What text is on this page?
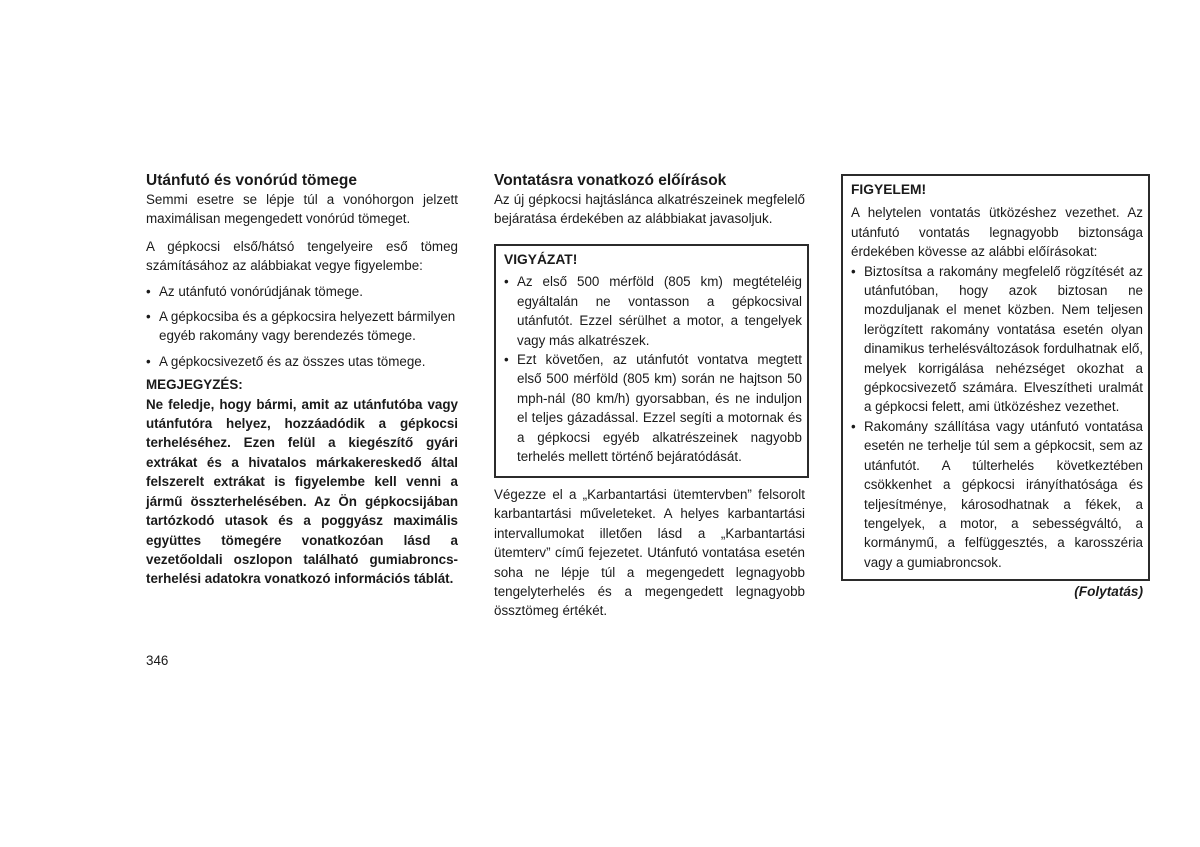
Utánfutó és vonórúd tömege

Semmi esetre se lépje túl a vonóhorgon jelzett maximálisan megengedett vonórúd tömeget.

A gépkocsi első/hátsó tengelyeire eső tömeg számításához az alábbiakat vegye figyelembe:

• Az utánfutó vonórúdjának tömege.
• A gépkocsiba és a gépkocsira helyezett bármilyen egyéb rakomány vagy berendezés tömege.
• A gépkocsivezető és az összes utas tömege.

MEGJEGYZÉS:

Ne feledje, hogy bármi, amit az utánfutóba vagy utánfutóra helyez, hozzáadódik a gépkocsi terheléséhez. Ezen felül a kiegészítő gyári extrákat és a hivatalos márkakereskedő által felszerelt extrákat is figyelembe kell venni a jármű összterhelésében. Az Ön gépkocsijában tartózkodó utasok és a poggyász maximális együttes tömegére vonatkozóan lásd a vezetőoldali oszlopon található gumiabroncs-terhelési adatokra vonatkozó információs táblát.

Vontatásra vonatkozó előírások

Az új gépkocsi hajtáslánca alkatrészeinek megfelelő bejáratása érdekében az alábbiakat javasoljuk.

VIGYÁZAT!
• Az első 500 mérföld (805 km) megtételéig egyáltalán ne vontasson a gépkocsival utánfutót. Ezzel sérülhet a motor, a tengelyek vagy más alkatrészek.
• Ezt követően, az utánfutót vontatva megtett első 500 mérföld (805 km) során ne hajtson 50 mph-nál (80 km/h) gyorsabban, és ne induljon el teljes gázadással. Ezzel segíti a motornak és a gépkocsi egyéb alkatrészeinek nagyobb terhelés mellett történő bejáratódását.

Végezze el a „Karbantartási ütemtervben” felsorolt karbantartási műveleteket. A helyes karbantartási intervallumokat illetően lásd a „Karbantartási ütemterv” című fejezetet. Utánfutó vontatása esetén soha ne lépje túl a megengedett legnagyobb tengelyterhelés és a megengedett legnagyobb össztömeg értékét.

FIGYELEM!

A helytelen vontatás ütközéshez vezethet. Az utánfutó vontatás legnagyobb biztonsága érdekében kövesse az alábbi előírásokat:

• Biztosítsa a rakomány megfelelő rögzítését az utánfutóban, hogy azok biztosan ne mozduljanak el menet közben. Nem teljesen lerögzített rakomány vontatása esetén olyan dinamikus terhelésváltozások fordulhatnak elő, melyek korrigálása nehézséget okozhat a gépkocsivezető számára. Elveszítheti uralmát a gépkocsi felett, ami ütközéshez vezethet.
• Rakomány szállítása vagy utánfutó vontatása esetén ne terhelje túl sem a gépkocsit, sem az utánfutót. A túlterhelés következtében csökkenhet a gépkocsi irányíthatósága és teljesítménye, károsodhatnak a fékek, a tengelyek, a motor, a sebességváltó, a kormánymű, a felfüggesztés, a karosszéria vagy a gumiabroncsok.
(Folytatás)
346
